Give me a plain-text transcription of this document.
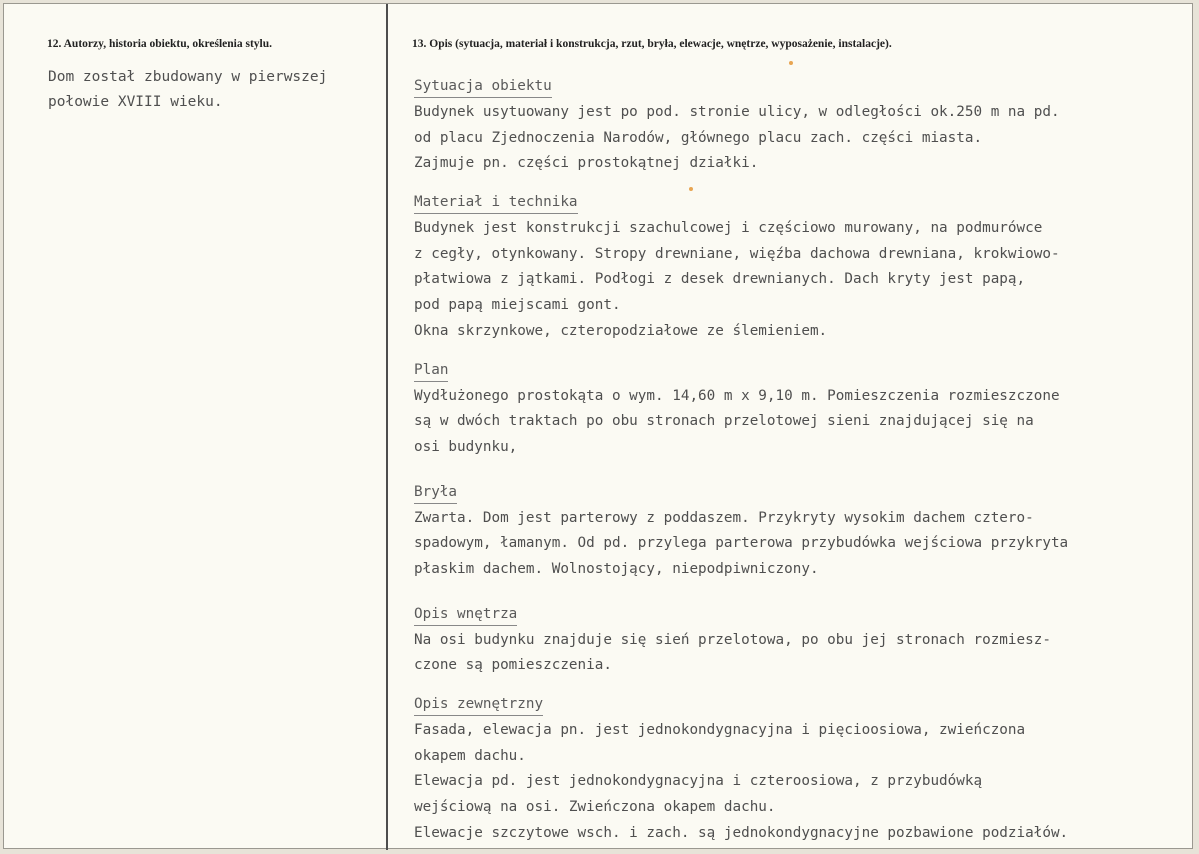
12. Autorzy, historia obiektu, określenia stylu.
Dom został zbudowany w pierwszej
połowie XVIII wieku.
13. Opis (sytuacja, materiał i konstrukcja, rzut, bryła, elewacje, wnętrze, wyposażenie, instalacje).
Sytuacja obiektu
Budynek usytuowany jest po pod. stronie ulicy, w odległości ok.250 m na pd.
od placu Zjednoczenia Narodów, głównego placu zach. części miasta.
Zajmuje pn. części prostokątnej działki.
Materiał i technika
Budynek jest konstrukcji szachulcowej i częściowo murowany, na podmurówce
z cegły, otynkowany. Stropy drewniane, więźba dachowa drewniana, krokwiowo-
płatwiowa z jątkami. Podłogi z desek drewnianych. Dach kryty jest papą,
pod papą miejscami gont.
Okna skrzynkowe, czteropodziałowe ze ślemieniem.
Plan
Wydłużonego prostokąta o wym. 14,60 m x 9,10 m. Pomieszczenia rozmieszczone
są w dwóch traktach po obu stronach przelotowej sieni znajdującej się na
osi budynku,
Bryła
Zwarta. Dom jest parterowy z poddaszem. Przykryty wysokim dachem cztero-
spadowym, łamanym. Od pd. przylega parterowa przybudówka wejściowa przykryta
płaskim dachem. Wolnostojący, niepodpiwniczony.
Opis wnętrza
Na osi budynku znajduje się sień przelotowa, po obu jej stronach rozmiesz-
czone są pomieszczenia.
Opis zewnętrzny
Fasada, elewacja pn. jest jednokondygnacyjna i pięcioosiowa, zwieńczona
okapem dachu.
Elewacja pd. jest jednokondygnacyjna i czteroosiowa, z przybudówką
wejściową na osi. Zwieńczona okapem dachu.
Elewacje szczytowe wsch. i zach. są jednokondygnacyjne pozbawione podziałów.
